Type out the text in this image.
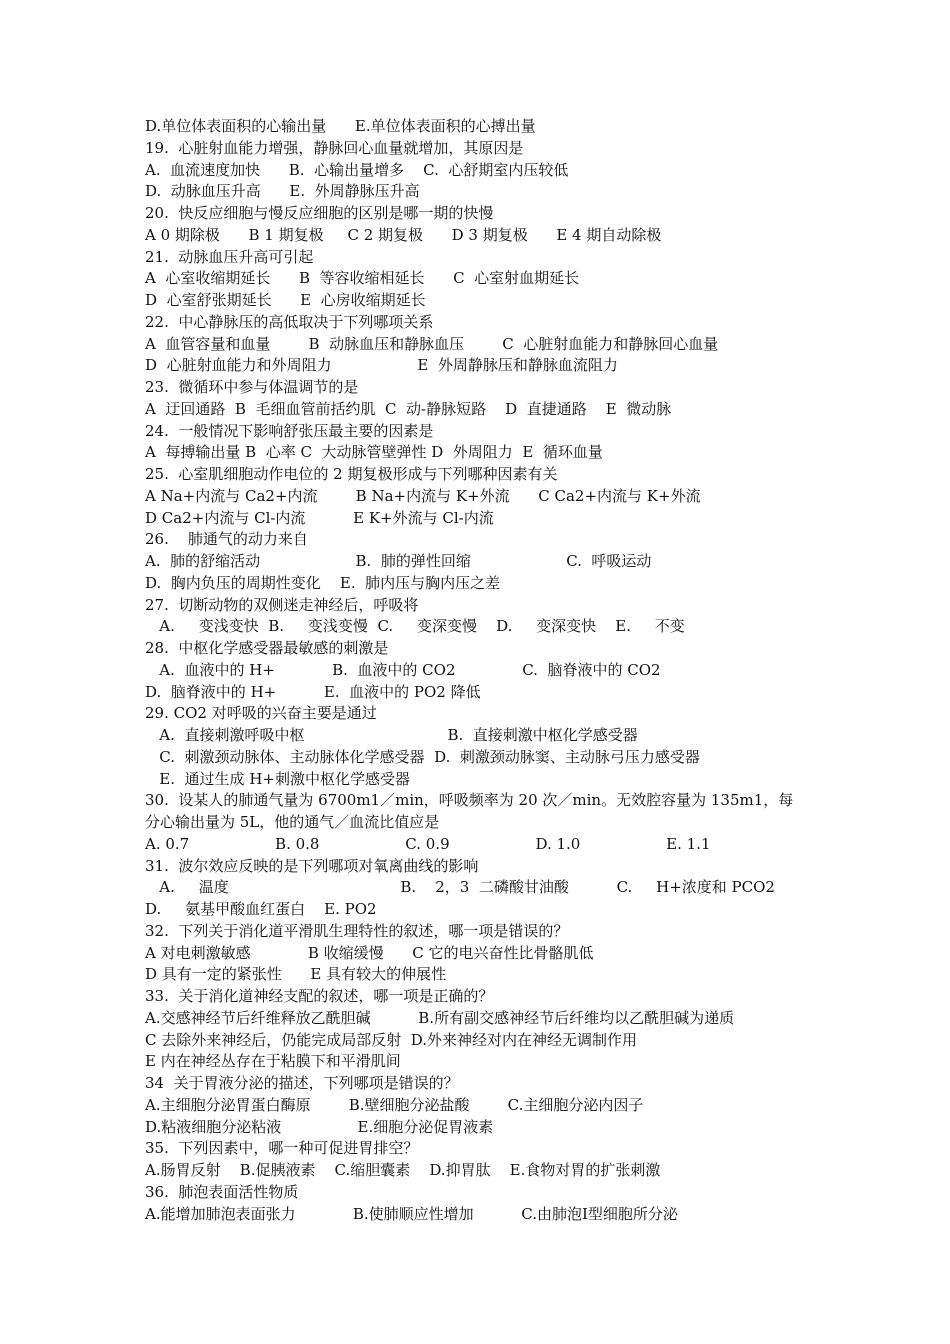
D.单位体表面积的心输出量      E.单位体表面积的心搏出量
19.  心脏射血能力增强，静脉回心血量就增加，其原因是
A.  血流速度加快      B.  心输出量增多    C.  心舒期室内压较低
D.  动脉血压升高      E.  外周静脉压升高
20.  快反应细胞与慢反应细胞的区别是哪一期的快慢
A 0 期除极      B 1 期复极     C 2 期复极      D 3 期复极      E 4 期自动除极
21.  动脉血压升高可引起
A  心室收缩期延长      B  等容收缩相延长      C  心室射血期延长
D  心室舒张期延长      E  心房收缩期延长
22.  中心静脉压的高低取决于下列哪项关系
A  血管容量和血量        B  动脉血压和静脉血压        C  心脏射血能力和静脉回心血量
D  心脏射血能力和外周阻力                  E  外周静脉压和静脉血流阻力
23.  微循环中参与体温调节的是
A  迂回通路  B  毛细血管前括约肌  C  动-静脉短路    D  直捷通路    E  微动脉
24.  一般情况下影响舒张压最主要的因素是
A  每搏输出量 B  心率 C  大动脉管壁弹性 D  外周阻力  E  循环血量
25.  心室肌细胞动作电位的 2 期复极形成与下列哪种因素有关
A Na+内流与 Ca2+内流        B Na+内流与 K+外流      C Ca2+内流与 K+外流
D Ca2+内流与 Cl-内流          E K+外流与 Cl-内流
26.    肺通气的动力来自
A.  肺的舒缩活动                    B.  肺的弹性回缩                    C.  呼吸运动
D.  胸内负压的周期性变化    E.  肺内压与胸内压之差
27.  切断动物的双侧迷走神经后，呼吸将
A.     变浅变快  B.     变浅变慢  C.     变深变慢    D.     变深变快    E.     不变
28.  中枢化学感受器最敏感的刺激是
A.  血液中的 H+            B.  血液中的 CO2              C.  脑脊液中的 CO2
D.  脑脊液中的 H+          E.  血液中的 PO2 降低
29. CO2 对呼吸的兴奋主要是通过
A.  直接刺激呼吸中枢                              B.  直接刺激中枢化学感受器
C.  刺激颈动脉体、主动脉体化学感受器  D.  刺激颈动脉窦、主动脉弓压力感受器
E.  通过生成 H+刺激中枢化学感受器
30.  设某人的肺通气量为 6700m1／min，呼吸频率为 20 次／min。无效腔容量为 135m1，每
分心输出量为 5L，他的通气／血流比值应是
A. 0.7                  B. 0.8                  C. 0.9                  D. 1.0                  E. 1.1
31.  波尔效应反映的是下列哪项对氧离曲线的影响
A.     温度                                    B.    2，3  二磷酸甘油酸          C.     H+浓度和 PCO2
D.     氨基甲酸血红蛋白    E. PO2
32.  下列关于消化道平滑肌生理特性的叙述，哪一项是错误的？
A 对电刺激敏感            B 收缩缓慢      C 它的电兴奋性比骨骼肌低
D 具有一定的紧张性      E 具有较大的伸展性
33.  关于消化道神经支配的叙述，哪一项是正确的？
A.交感神经节后纤维释放乙酰胆碱          B.所有副交感神经节后纤维均以乙酰胆碱为递质
C 去除外来神经后，仍能完成局部反射  D.外来神经对内在神经无调制作用
E 内在神经丛存在于粘膜下和平滑肌间
34  关于胃液分泌的描述，下列哪项是错误的？
A.主细胞分泌胃蛋白酶原        B.壁细胞分泌盐酸        C.主细胞分泌内因子
D.粘液细胞分泌粘液                E.细胞分泌促胃液素
35.  下列因素中，哪一种可促进胃排空？
A.肠胃反射    B.促胰液素    C.缩胆囊素    D.抑胃肽    E.食物对胃的扩张刺激
36.  肺泡表面活性物质
A.能增加肺泡表面张力            B.使肺顺应性增加          C.由肺泡Ⅰ型细胞所分泌
